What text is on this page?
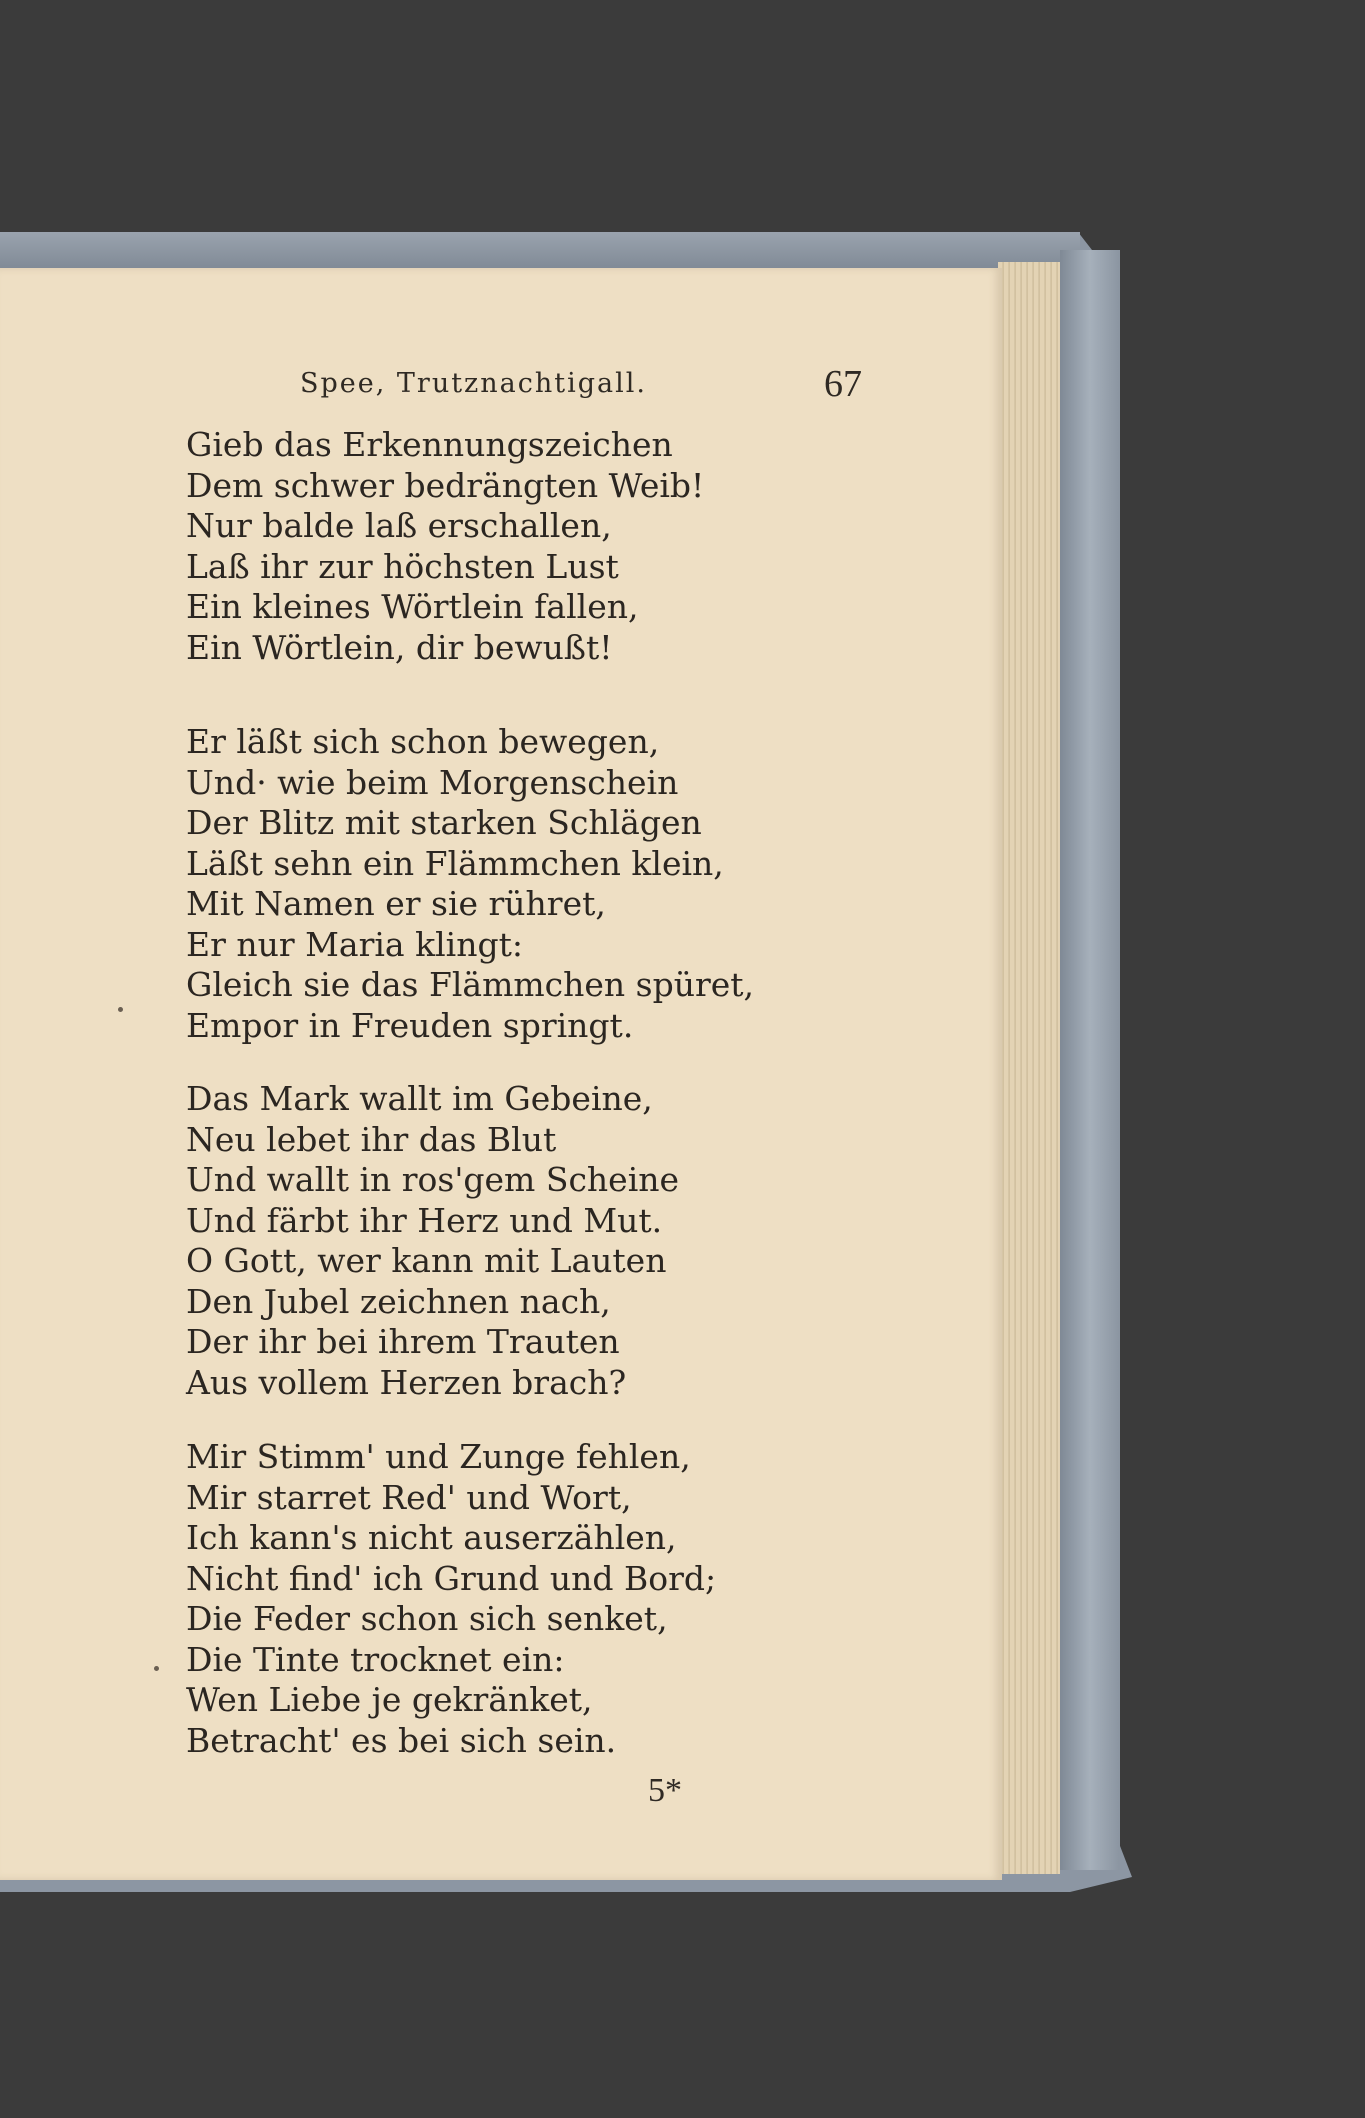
Spee, Trutznachtigall.	67
Gieb das Erkennungszeichen
Dem schwer bedrängten Weib!
Nur balde laß erschallen,
Laß ihr zur höchsten Lust
Ein kleines Wörtlein fallen,
Ein Wörtlein, dir bewußt!
Er läßt sich schon bewegen,
Und· wie beim Morgenschein
Der Blitz mit starken Schlägen
Läßt sehn ein Flämmchen klein,
Mit Namen er sie rühret,
Er nur Maria klingt:
Gleich sie das Flämmchen spüret,
Empor in Freuden springt.
Das Mark wallt im Gebeine,
Neu lebet ihr das Blut
Und wallt in ros'gem Scheine
Und färbt ihr Herz und Mut.
O Gott, wer kann mit Lauten
Den Jubel zeichnen nach,
Der ihr bei ihrem Trauten
Aus vollem Herzen brach?
Mir Stimm' und Zunge fehlen,
Mir starret Red' und Wort,
Ich kann's nicht auserzählen,
Nicht find' ich Grund und Bord;
Die Feder schon sich senket,
Die Tinte trocknet ein:
Wen Liebe je gekränket,
Betracht' es bei sich sein.
5*
